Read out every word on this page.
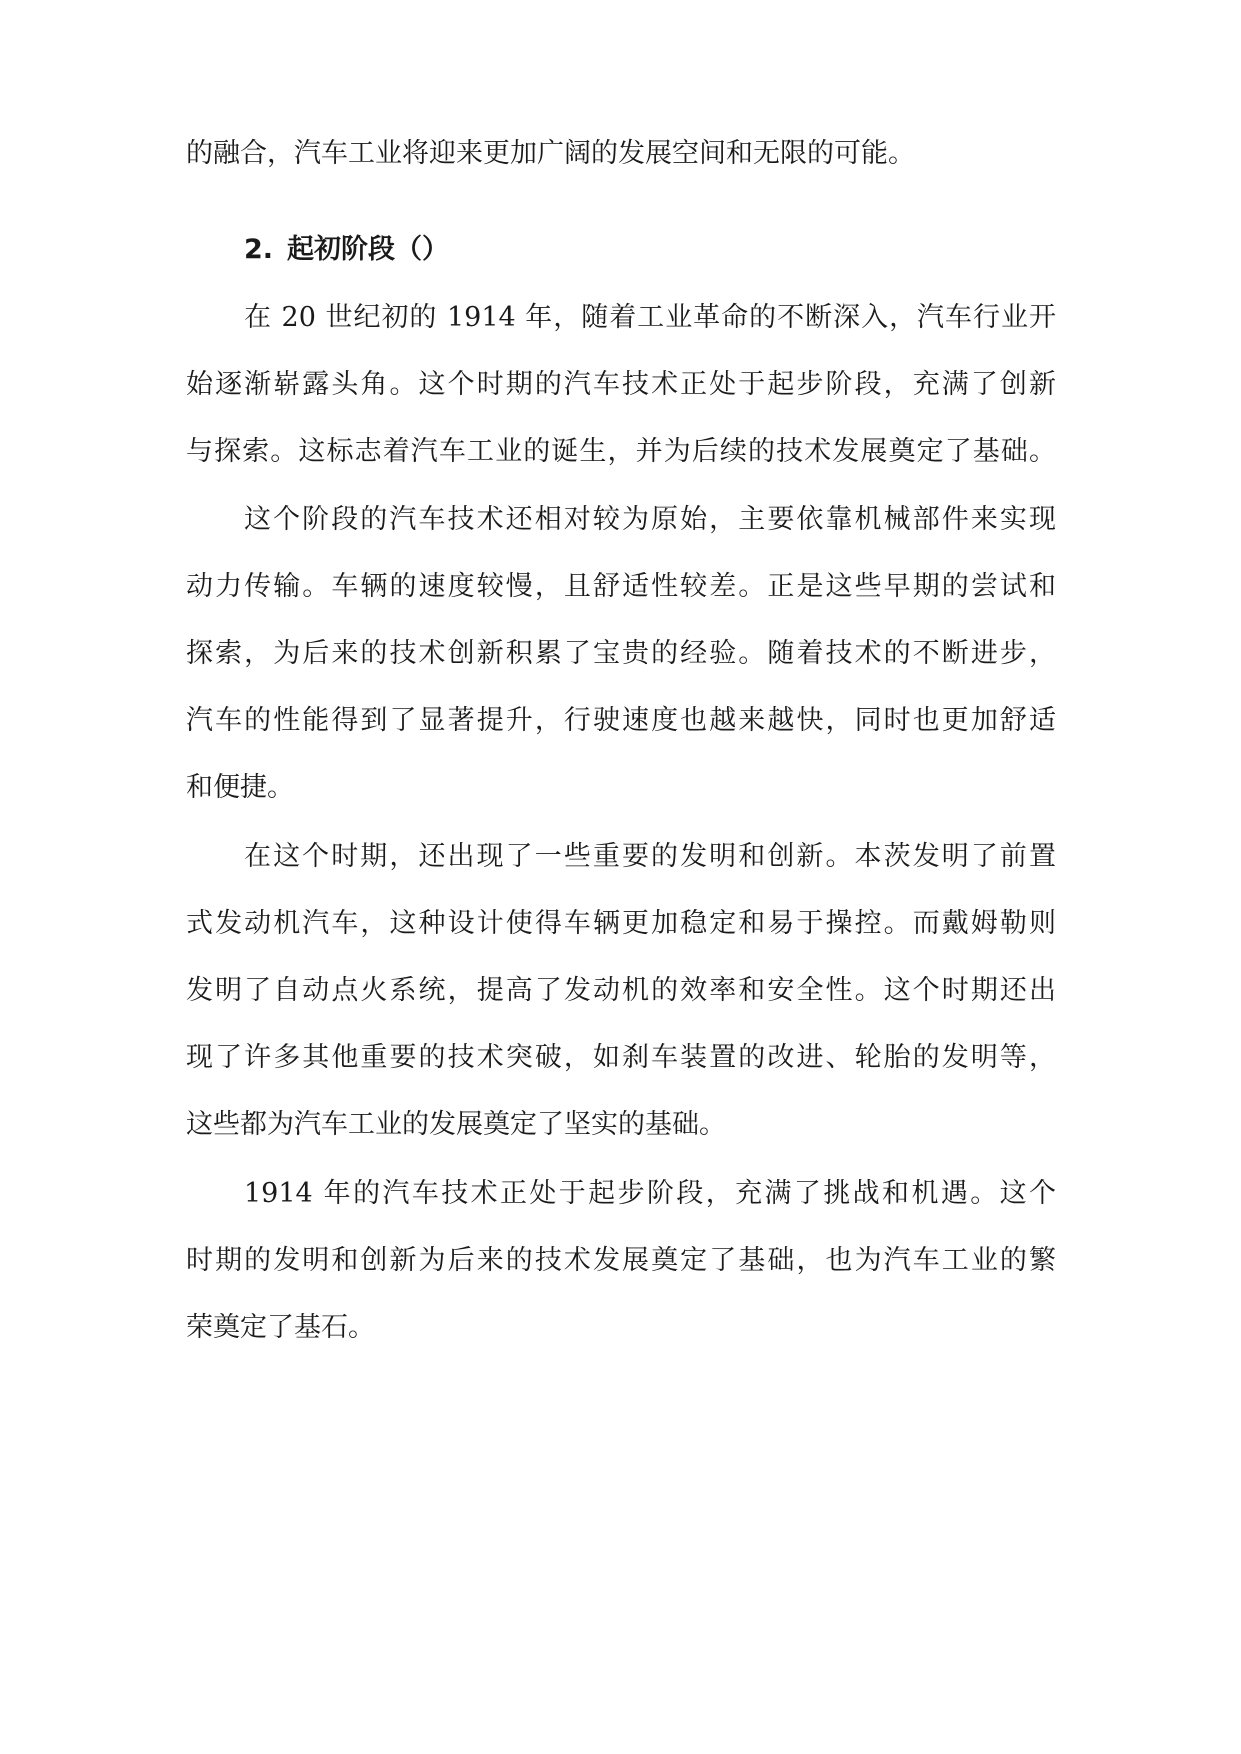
的融合，汽车工业将迎来更加广阔的发展空间和无限的可能。
2. 起初阶段（）
在 20 世纪初的 1914 年，随着工业革命的不断深入，汽车行业开
始逐渐崭露头角。这个时期的汽车技术正处于起步阶段，充满了创新
与探索。这标志着汽车工业的诞生，并为后续的技术发展奠定了基础。
这个阶段的汽车技术还相对较为原始，主要依靠机械部件来实现
动力传输。车辆的速度较慢，且舒适性较差。正是这些早期的尝试和
探索，为后来的技术创新积累了宝贵的经验。随着技术的不断进步，
汽车的性能得到了显著提升，行驶速度也越来越快，同时也更加舒适
和便捷。
在这个时期，还出现了一些重要的发明和创新。本茨发明了前置
式发动机汽车，这种设计使得车辆更加稳定和易于操控。而戴姆勒则
发明了自动点火系统，提高了发动机的效率和安全性。这个时期还出
现了许多其他重要的技术突破，如刹车装置的改进、轮胎的发明等，
这些都为汽车工业的发展奠定了坚实的基础。
1914 年的汽车技术正处于起步阶段，充满了挑战和机遇。这个
时期的发明和创新为后来的技术发展奠定了基础，也为汽车工业的繁
荣奠定了基石。
